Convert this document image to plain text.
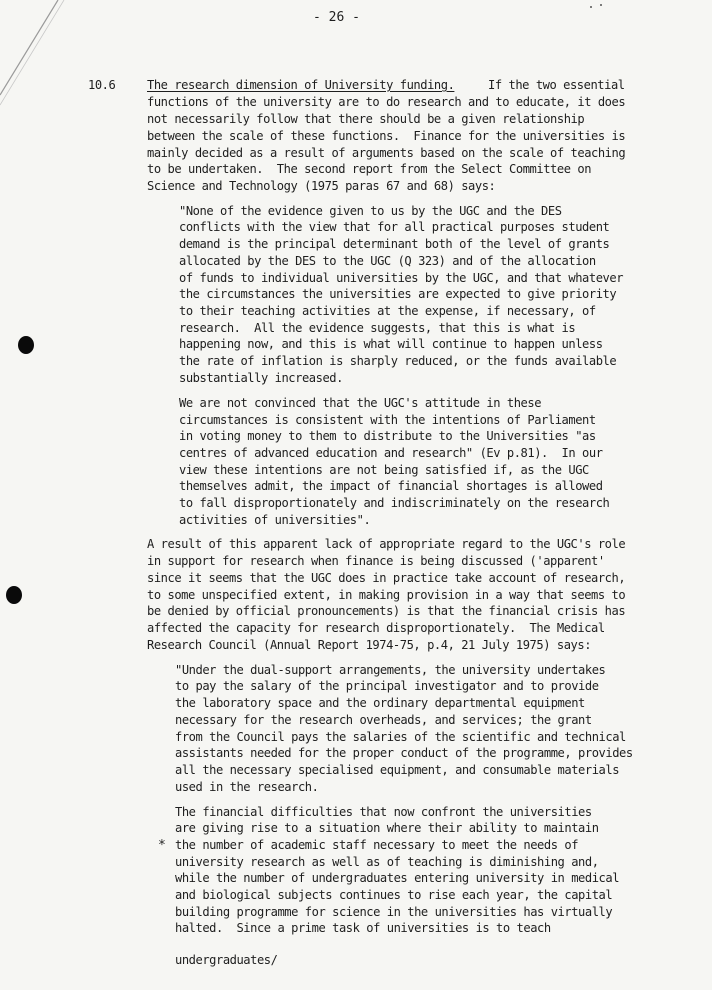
- 26 -
10.6	The research dimension of University funding.	If the two essential
functions of the university are to do research and to educate, it does
not necessarily follow that there should be a given relationship
between the scale of these functions.  Finance for the universities is
mainly decided as a result of arguments based on the scale of teaching
to be undertaken.  The second report from the Select Committee on
Science and Technology (1975 paras 67 and 68) says:
"None of the evidence given to us by the UGC and the DES
conflicts with the view that for all practical purposes student
demand is the principal determinant both of the level of grants
allocated by the DES to the UGC (Q 323) and of the allocation
of funds to individual universities by the UGC, and that whatever
the circumstances the universities are expected to give priority
to their teaching activities at the expense, if necessary, of
research.  All the evidence suggests, that this is what is
happening now, and this is what will continue to happen unless
the rate of inflation is sharply reduced, or the funds available
substantially increased.
We are not convinced that the UGC's attitude in these
circumstances is consistent with the intentions of Parliament
in voting money to them to distribute to the Universities "as
centres of advanced education and research" (Ev p.81).  In our
view these intentions are not being satisfied if, as the UGC
themselves admit, the impact of financial shortages is allowed
to fall disproportionately and indiscriminately on the research
activities of universities".
A result of this apparent lack of appropriate regard to the UGC's role
in support for research when finance is being discussed ('apparent'
since it seems that the UGC does in practice take account of research,
to some unspecified extent, in making provision in a way that seems to
be denied by official pronouncements) is that the financial crisis has
affected the capacity for research disproportionately.  The Medical
Research Council (Annual Report 1974-75, p.4, 21 July 1975) says:
"Under the dual-support arrangements, the university undertakes
to pay the salary of the principal investigator and to provide
the laboratory space and the ordinary departmental equipment
necessary for the research overheads, and services; the grant
from the Council pays the salaries of the scientific and technical
assistants needed for the proper conduct of the programme, provides
all the necessary specialised equipment, and consumable materials
used in the research.
The financial difficulties that now confront the universities
are giving rise to a situation where their ability to maintain
the number of academic staff necessary to meet the needs of
university research as well as of teaching is diminishing and,
while the number of undergraduates entering university in medical
and biological subjects continues to rise each year, the capital
building programme for science in the universities has virtually
halted.  Since a prime task of universities is to teach
*
undergraduates/
